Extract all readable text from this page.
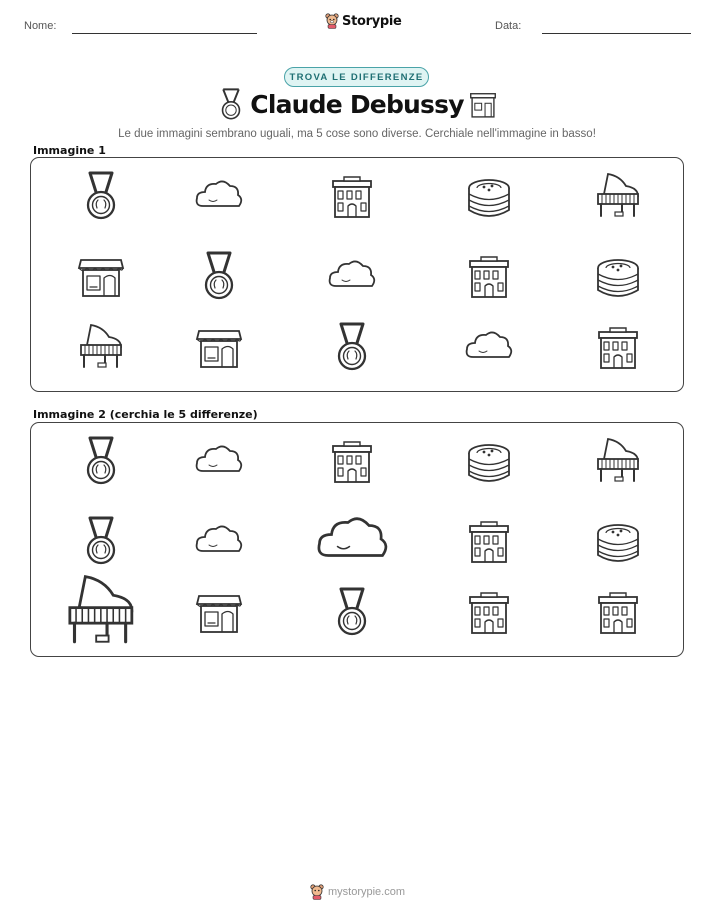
Nome:	Storypie	Data:
TROVA LE DIFFERENZE
Claude Debussy
Le due immagini sembrano uguali, ma 5 cose sono diverse. Cerchiale nell'immagine in basso!
Immagine 1
Immagine 2 (cerchia le 5 differenze)
mystorypie.com
